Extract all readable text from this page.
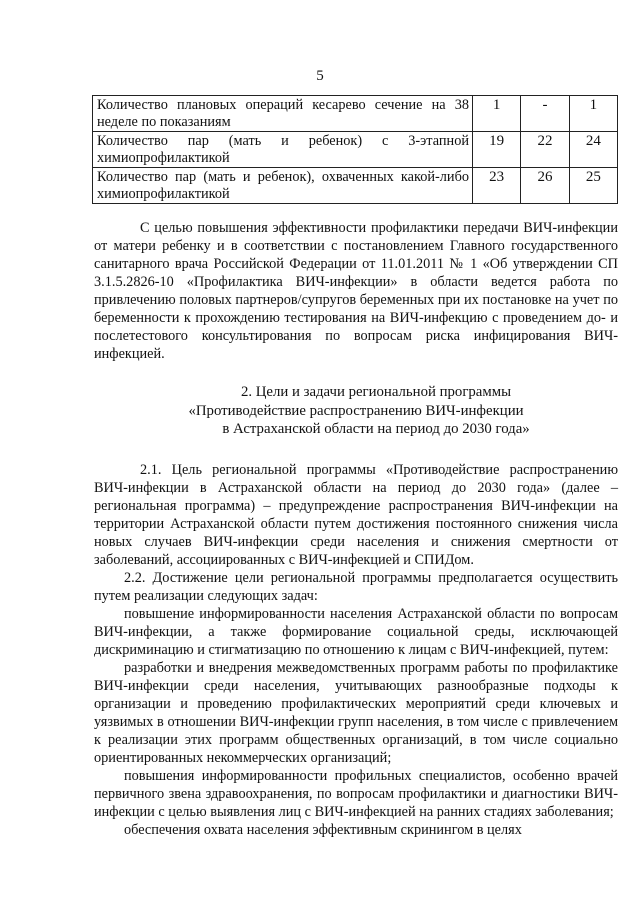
5
Количество плановых операций кесарево сечение на 38 неделе по показаниям	1	-	1
Количество пар (мать и ребенок) с 3-этапной химиопрофилактикой	19	22	24
Количество пар (мать и ребенок), охваченных какой-либо химиопрофилактикой	23	26	25

С целью повышения эффективности профилактики передачи ВИЧ-инфекции от матери ребенку и в соответствии с постановлением Главного государственного санитарного врача Российской Федерации от 11.01.2011 № 1 «Об утверждении СП 3.1.5.2826-10 «Профилактика ВИЧ-инфекции» в области ведется работа по привлечению половых партнеров/супругов беременных при их постановке на учет по беременности к прохождению тестирования на ВИЧ-инфекцию с проведением до- и послетестового консультирования по вопросам риска инфицирования ВИЧ-инфекцией.

2. Цели и задачи региональной программы
«Противодействие распространению ВИЧ-инфекции
в Астраханской области на период до 2030 года»

2.1. Цель региональной программы «Противодействие распространению ВИЧ-инфекции в Астраханской области на период до 2030 года» (далее – региональная программа) – предупреждение распространения ВИЧ-инфекции на территории Астраханской области путем достижения постоянного снижения числа новых случаев ВИЧ-инфекции среди населения и снижения смертности от заболеваний, ассоциированных с ВИЧ-инфекцией и СПИДом.

2.2. Достижение цели региональной программы предполагается осуществить путем реализации следующих задач:

повышение информированности населения Астраханской области по вопросам ВИЧ-инфекции, а также формирование социальной среды, исключающей дискриминацию и стигматизацию по отношению к лицам с ВИЧ-инфекцией, путем:

разработки и внедрения межведомственных программ работы по профилактике ВИЧ-инфекции среди населения, учитывающих разнообразные подходы к организации и проведению профилактических мероприятий среди ключевых и уязвимых в отношении ВИЧ-инфекции групп населения, в том числе с привлечением к реализации этих программ общественных организаций, в том числе социально ориентированных некоммерческих организаций;

повышения информированности профильных специалистов, особенно врачей первичного звена здравоохранения, по вопросам профилактики и диагностики ВИЧ-инфекции с целью выявления лиц с ВИЧ-инфекцией на ранних стадиях заболевания;

обеспечения охвата населения эффективным скринингом в целях
